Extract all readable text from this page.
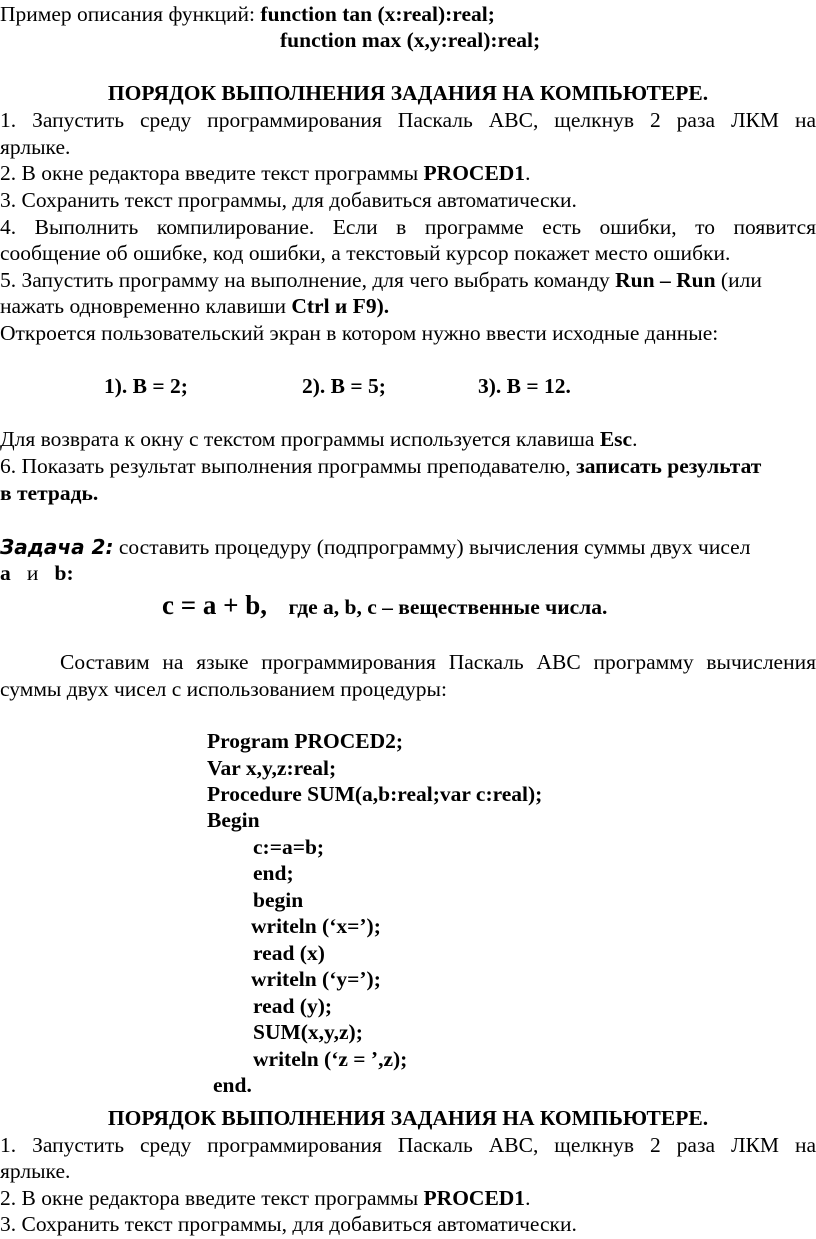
Пример описания функций: function tan (x:real):real;
function max (x,y:real):real;
ПОРЯДОК ВЫПОЛНЕНИЯ ЗАДАНИЯ НА КОМПЬЮТЕРЕ.
1. Запустить среду программирования Паскаль АВС, щелкнув 2 раза ЛКМ на
ярлыке.
2. В окне редактора введите текст программы PROCED1.
3. Сохранить текст программы, для добавиться автоматически.
4. Выполнить компилирование. Если в программе есть ошибки, то появится
сообщение об ошибке, код ошибки, а текстовый курсор покажет место ошибки.
5. Запустить программу на выполнение, для чего выбрать команду Run – Run (или
нажать одновременно клавиши Ctrl и F9).
Откроется пользовательский экран в котором нужно ввести исходные данные:
1). B = 2;	2). B = 5;	3). B = 12.
Для возврата к окну с текстом программы используется клавиша Esc.
6. Показать результат выполнения программы преподавателю, записать результат
в тетрадь.
Задача 2: составить процедуру (подпрограмму) вычисления суммы двух чисел
a и b:
c = a + b, где a, b, c – вещественные числа.
Составим на языке программирования Паскаль АВС программу вычисления
суммы двух чисел с использованием процедуры:
Program PROCED2;
Var x,y,z:real;
Procedure SUM(a,b:real;var c:real);
Begin
c:=a=b;
end;
begin
writeln (‘x=’);
read (x)
writeln (‘y=’);
read (y);
SUM(x,y,z);
writeln (‘z = ’,z);
end.
ПОРЯДОК ВЫПОЛНЕНИЯ ЗАДАНИЯ НА КОМПЬЮТЕРЕ.
1. Запустить среду программирования Паскаль АВС, щелкнув 2 раза ЛКМ на
ярлыке.
2. В окне редактора введите текст программы PROCED1.
3. Сохранить текст программы, для добавиться автоматически.
